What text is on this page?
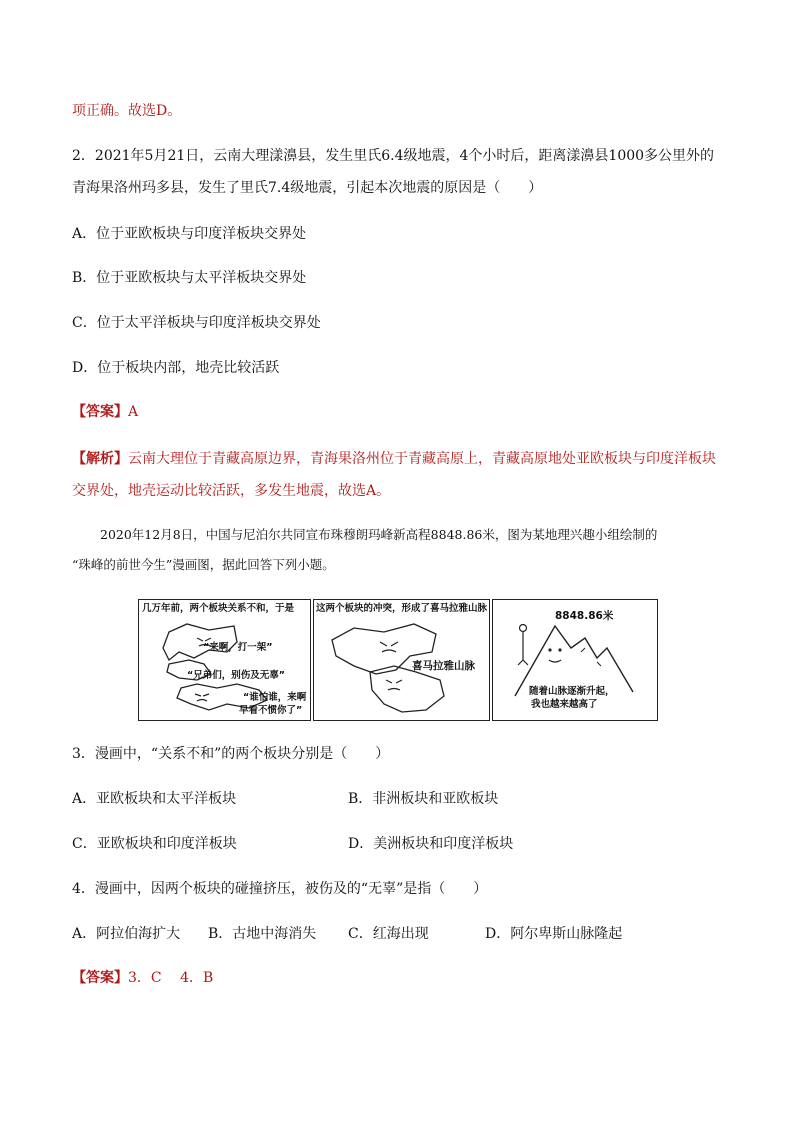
项正确。故选D。
2．2021年5月21日，云南大理漾濞县，发生里氏6.4级地震，4个小时后，距离漾濞县1000多公里外的
青海果洛州玛多县，发生了里氏7.4级地震，引起本次地震的原因是（　　）
A．位于亚欧板块与印度洋板块交界处
B．位于亚欧板块与太平洋板块交界处
C．位于太平洋板块与印度洋板块交界处
D．位于板块内部，地壳比较活跃
【答案】A
【解析】云南大理位于青藏高原边界，青海果洛州位于青藏高原上，青藏高原地处亚欧板块与印度洋板块
交界处，地壳运动比较活跃，多发生地震，故选A。
2020年12月8日，中国与尼泊尔共同宣布珠穆朗玛峰新高程8848.86米，图为某地理兴趣小组绘制的
“珠峰的前世今生”漫画图，据此回答下列小题。
几万年前，两个板块关系不和，于是
“来啊，打一架”
“兄弟们，别伤及无辜”
“谁怕谁，来啊
早看不惯你了”
这两个板块的冲突，形成了喜马拉雅山脉
喜马拉雅山脉
8848.86米
随着山脉逐渐升起，
我也越来越高了
3．漫画中，“关系不和”的两个板块分别是（　　）
A．亚欧板块和太平洋板块	B．非洲板块和亚欧板块
C．亚欧板块和印度洋板块	D．美洲板块和印度洋板块
4．漫画中，因两个板块的碰撞挤压，被伤及的“无辜”是指（　　）
A．阿拉伯海扩大 B．古地中海消失 C．红海出现	D．阿尔卑斯山脉隆起
【答案】3．C　 4．B
